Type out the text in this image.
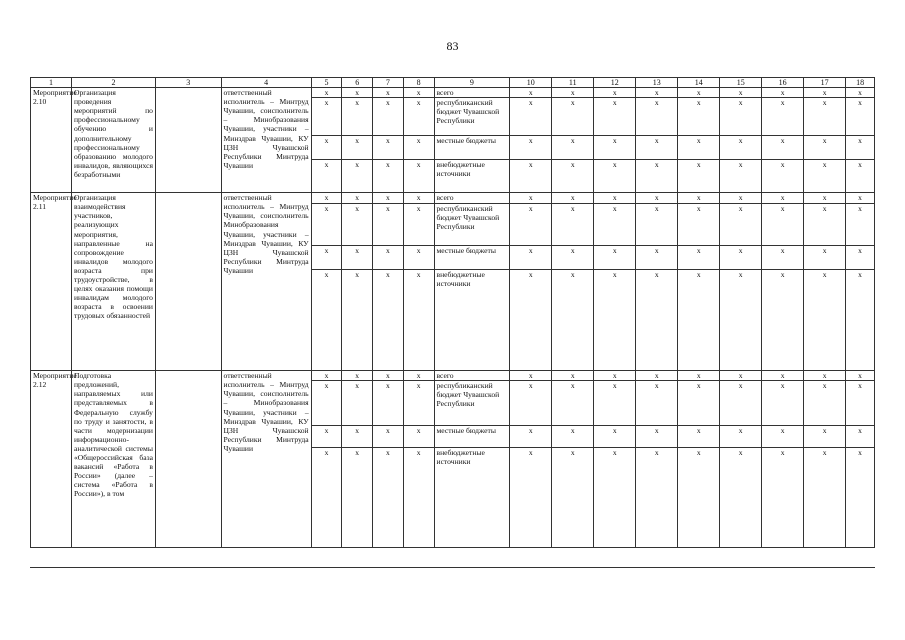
83
1	2	3	4	5	6	7	8	9	10	11	12	13	14	15	16	17	18
Мероприятие 2.10	Организация проведения мероприятий по профессиональному обучению и дополнительному профессиональному образованию молодого инвалидов, являющихся безработными		ответственный исполнитель – Минтруд Чувашии, соисполнитель – Минобразования Чувашии, участники – Минздрав Чувашии, КУ ЦЗН Чувашской Республики Минтруда Чувашии	x	x	x	x	всего	x	x	x	x	x	x	x	x	x
				x	x	x	x	республиканский бюджет Чувашской Республики	x	x	x	x	x	x	x	x	x
				x	x	x	x	местные бюджеты	x	x	x	x	x	x	x	x	x
				x	x	x	x	внебюджетные источники	x	x	x	x	x	x	x	x	x
Мероприятие 2.11	Организация взаимодействия участников, реализующих мероприятия, направленные на сопровождение инвалидов молодого возраста при трудоустройстве, в целях оказания помощи инвалидам молодого возраста в освоении трудовых обязанностей		ответственный исполнитель – Минтруд Чувашии, соисполнитель Минобразования Чувашии, участники – Минздрав Чувашии, КУ ЦЗН Чувашской Республики Минтруда Чувашии	x	x	x	x	всего	x	x	x	x	x	x	x	x	x
				x	x	x	x	республиканский бюджет Чувашской Республики	x	x	x	x	x	x	x	x	x
				x	x	x	x	местные бюджеты	x	x	x	x	x	x	x	x	x
				x	x	x	x	внебюджетные источники	x	x	x	x	x	x	x	x	x
Мероприятие 2.12	Подготовка предложений, направляемых или представляемых в Федеральную службу по труду и занятости, в части модернизации информационно-аналитической системы «Общероссийская база вакансий «Работа в России» (далее – система «Работа в России»), в том		ответственный исполнитель – Минтруд Чувашии, соисполнитель – Минобразования Чувашии, участники – Минздрав Чувашии, КУ ЦЗН Чувашской Республики Минтруда Чувашии	x	x	x	x	всего	x	x	x	x	x	x	x	x	x
				x	x	x	x	республиканский бюджет Чувашской Республики	x	x	x	x	x	x	x	x	x
				x	x	x	x	местные бюджеты	x	x	x	x	x	x	x	x	x
				x	x	x	x	внебюджетные источники	x	x	x	x	x	x	x	x	x
